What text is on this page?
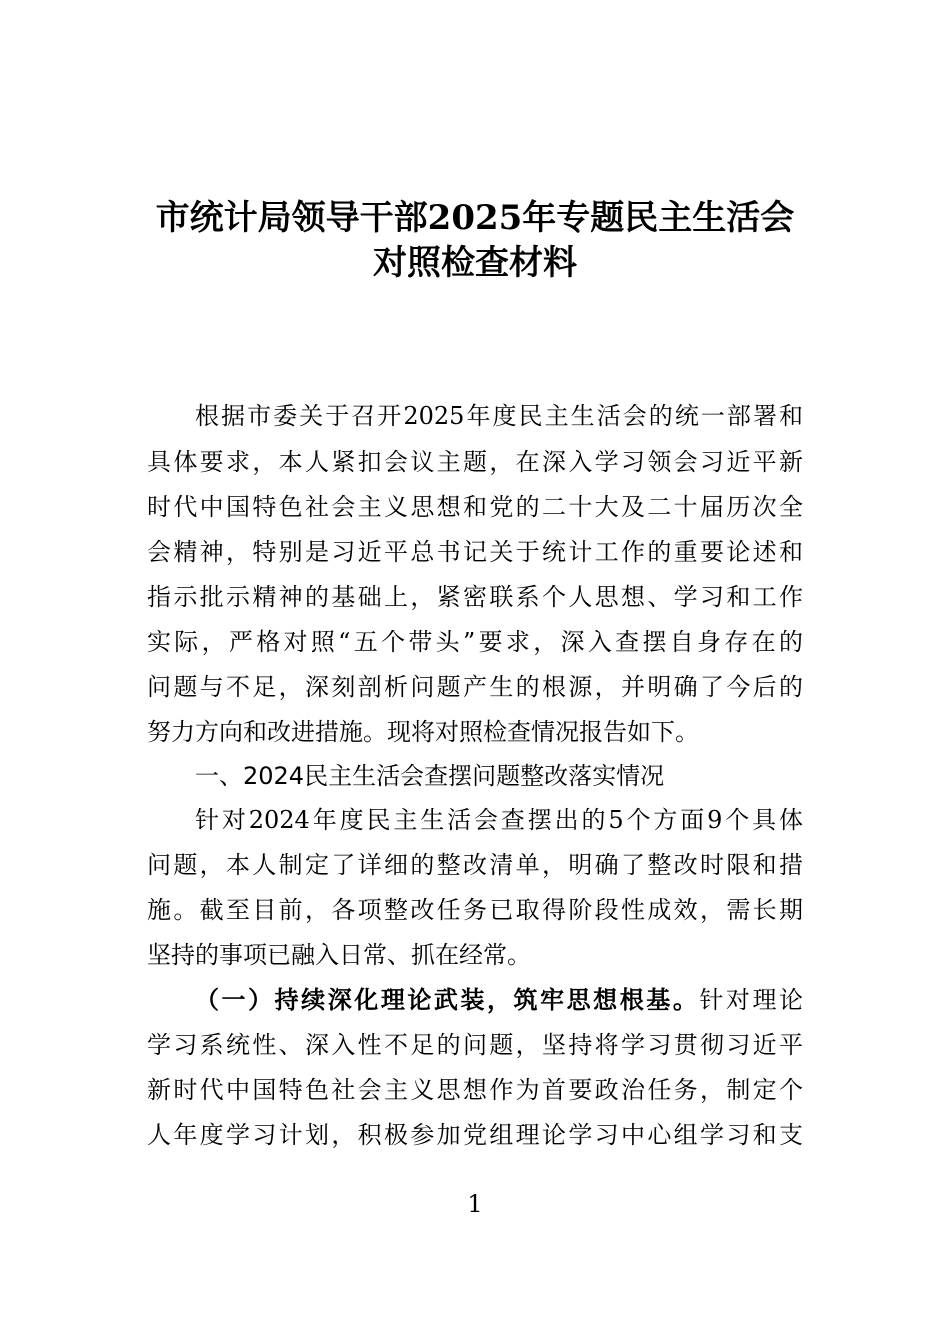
市统计局领导干部2025年专题民主生活会
对照检查材料
根据市委关于召开2025年度民主生活会的统一部署和
具体要求，本人紧扣会议主题，在深入学习领会习近平新
时代中国特色社会主义思想和党的二十大及二十届历次全
会精神，特别是习近平总书记关于统计工作的重要论述和
指示批示精神的基础上，紧密联系个人思想、学习和工作
实际，严格对照“五个带头”要求，深入查摆自身存在的
问题与不足，深刻剖析问题产生的根源，并明确了今后的
努力方向和改进措施。现将对照检查情况报告如下。
一、2024民主生活会查摆问题整改落实情况
针对2024年度民主生活会查摆出的5个方面9个具体
问题，本人制定了详细的整改清单，明确了整改时限和措
施。截至目前，各项整改任务已取得阶段性成效，需长期
坚持的事项已融入日常、抓在经常。
（一）持续深化理论武装，筑牢思想根基。针对理论
学习系统性、深入性不足的问题，坚持将学习贯彻习近平
新时代中国特色社会主义思想作为首要政治任务，制定个
人年度学习计划，积极参加党组理论学习中心组学习和支
1
